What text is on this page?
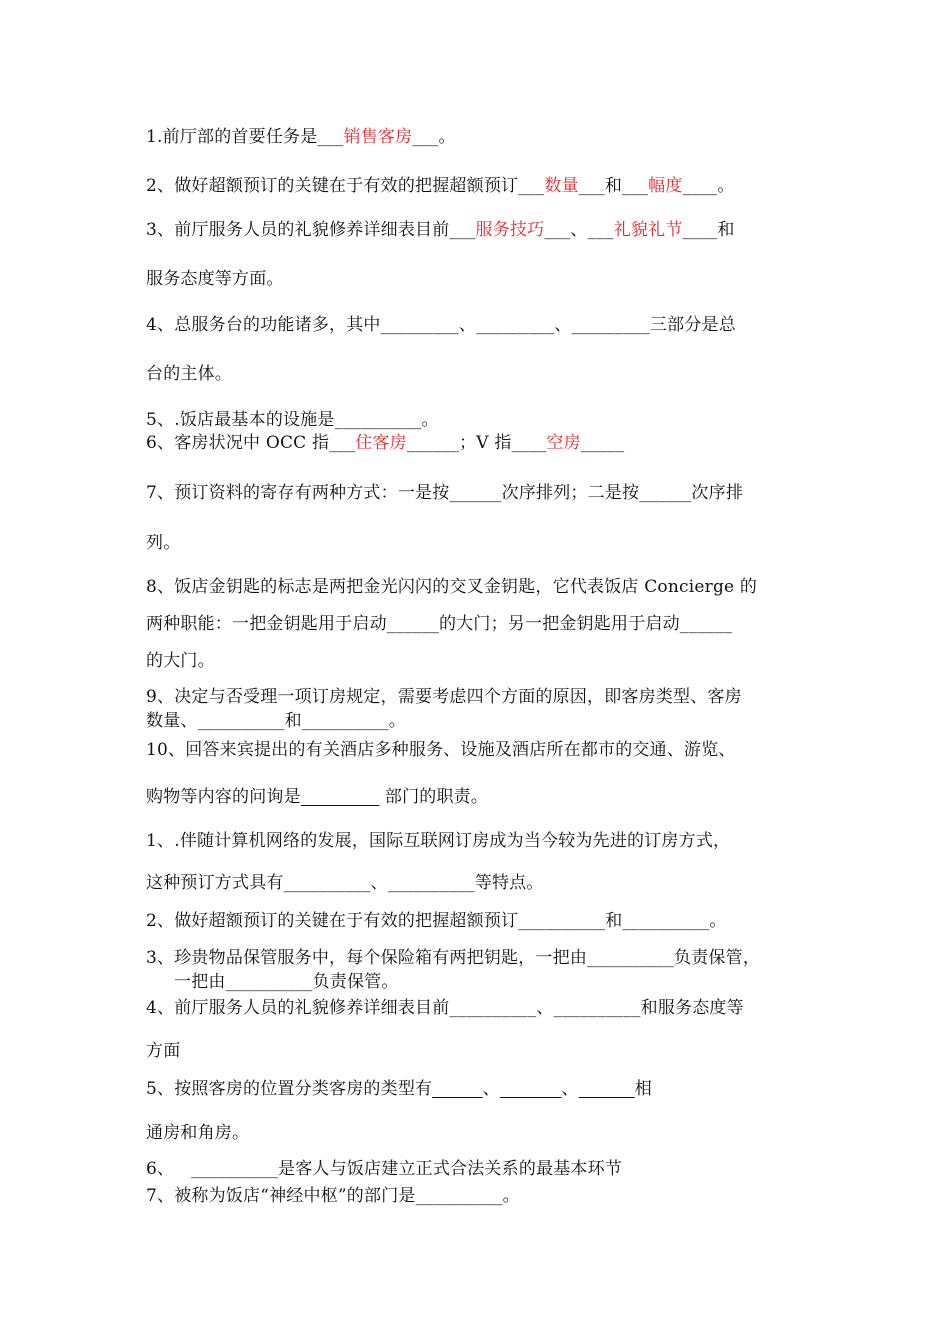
1.前厅部的首要任务是___销售客房___。
2、做好超额预订的关键在于有效的把握超额预订___数量___和___幅度____。
3、前厅服务人员的礼貌修养详细表目前___服务技巧___、___礼貌礼节____和
服务态度等方面。
4、总服务台的功能诸多，其中_________、_________、_________三部分是总
台的主体。
5、.饭店最基本的设施是__________。
6、客房状况中 OCC 指___住客房______；V 指____空房_____
7、预订资料的寄存有两种方式：一是按______次序排列；二是按______次序排
列。
8、饭店金钥匙的标志是两把金光闪闪的交叉金钥匙，它代表饭店 Concierge 的
两种职能：一把金钥匙用于启动______的大门；另一把金钥匙用于启动______
的大门。
9、决定与否受理一项订房规定，需要考虑四个方面的原因，即客房类型、客房
数量、__________和__________。
10、回答来宾提出的有关酒店多种服务、设施及酒店所在都市的交通、游览、
购物等内容的问询是	部门的职责。
1、.伴随计算机网络的发展，国际互联网订房成为当今较为先进的订房方式，
这种预订方式具有__________、__________等特点。
2、做好超额预订的关键在于有效的把握超额预订__________和__________。
3、珍贵物品保管服务中，每个保险箱有两把钥匙，一把由__________负责保管，
一把由__________负责保管。
4、前厅服务人员的礼貌修养详细表目前__________、__________和服务态度等
方面
5、按照客房的位置分类客房的类型有	、	、	相
通房和角房。
6、   __________是客人与饭店建立正式合法关系的最基本环节
7、被称为饭店“神经中枢”的部门是__________。
